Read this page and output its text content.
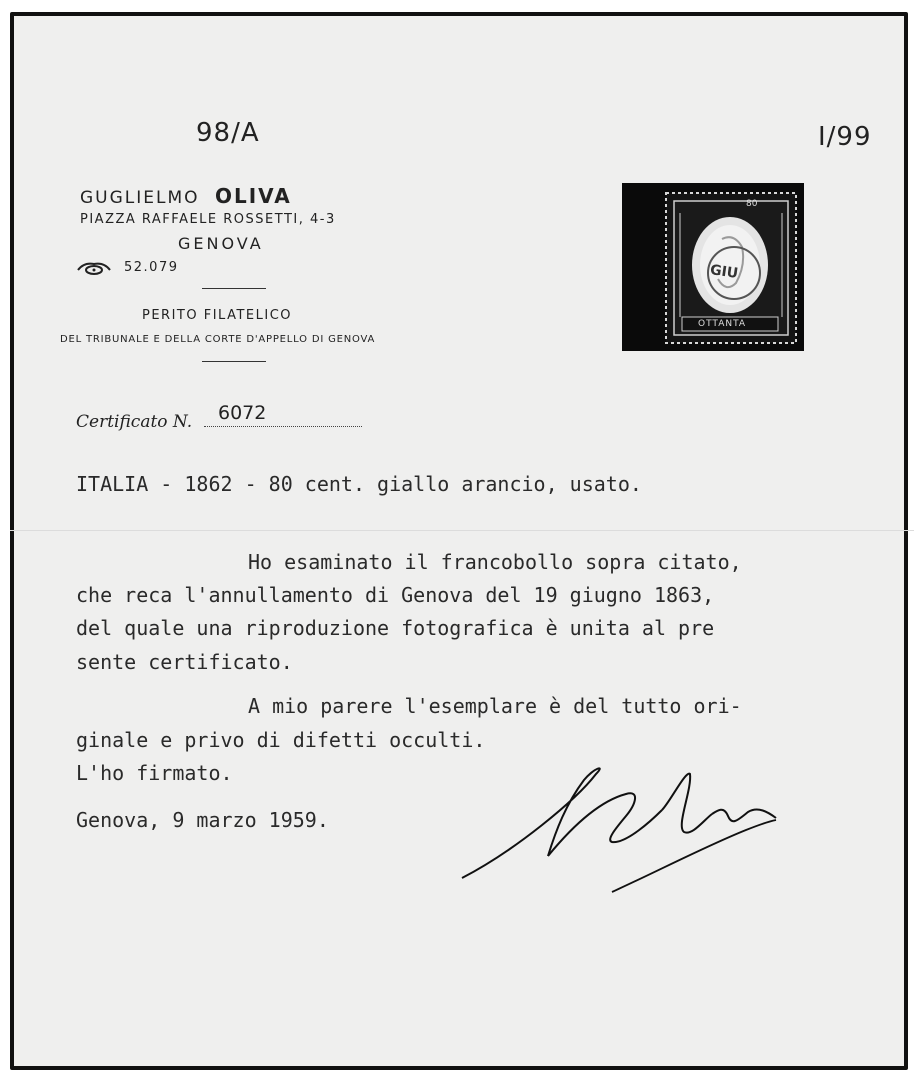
98/A	I/99
GUGLIELMO OLIVA
PIAZZA RAFFAELE ROSSETTI, 4-3
GENOVA
52.079
PERITO FILATELICO
DEL TRIBUNALE E DELLA CORTE D'APPELLO DI GENOVA
80
GIU
OTTANTA
Certificato N. 6072
ITALIA - 1862 - 80 cent. giallo arancio, usato.
Ho esaminato il francobollo sopra citato,
che reca l'annullamento di Genova del 19 giugno 1863,
del quale una riproduzione fotografica è unita al pre
sente certificato.
A mio parere l'esemplare è del tutto ori-
ginale e privo di difetti occulti.
L'ho firmato.
Genova, 9 marzo 1959.
